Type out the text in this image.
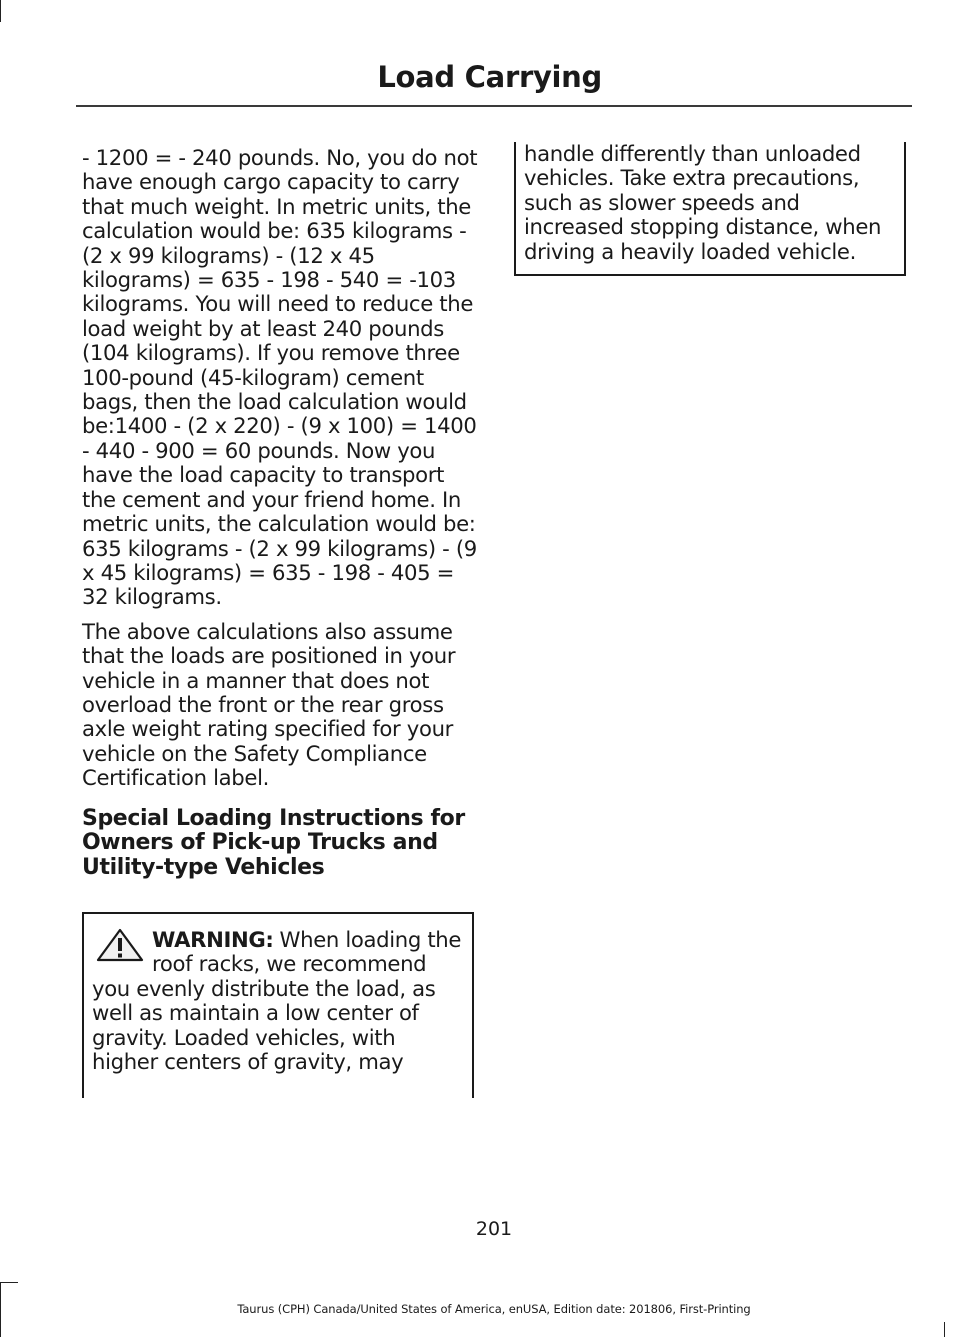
Load Carrying

- 1200 = - 240 pounds. No, you do not have enough cargo capacity to carry that much weight. In metric units, the calculation would be: 635 kilograms - (2 x 99 kilograms) - (12 x 45 kilograms) = 635 - 198 - 540 = -103 kilograms. You will need to reduce the load weight by at least 240 pounds (104 kilograms). If you remove three 100-pound (45-kilogram) cement bags, then the load calculation would be:1400 - (2 x 220) - (9 x 100) = 1400 - 440 - 900 = 60 pounds. Now you have the load capacity to transport the cement and your friend home. In metric units, the calculation would be: 635 kilograms - (2 x 99 kilograms) - (9 x 45 kilograms) = 635 - 198 - 405 = 32 kilograms.

The above calculations also assume that the loads are positioned in your vehicle in a manner that does not overload the front or the rear gross axle weight rating specified for your vehicle on the Safety Compliance Certification label.

Special Loading Instructions for Owners of Pick-up Trucks and Utility-type Vehicles
WARNING: When loading the roof racks, we recommend you evenly distribute the load, as well as maintain a low center of gravity. Loaded vehicles, with higher centers of gravity, may
handle differently than unloaded vehicles. Take extra precautions, such as slower speeds and increased stopping distance, when driving a heavily loaded vehicle.
201
Taurus (CPH) Canada/United States of America, enUSA, Edition date: 201806, First-Printing
